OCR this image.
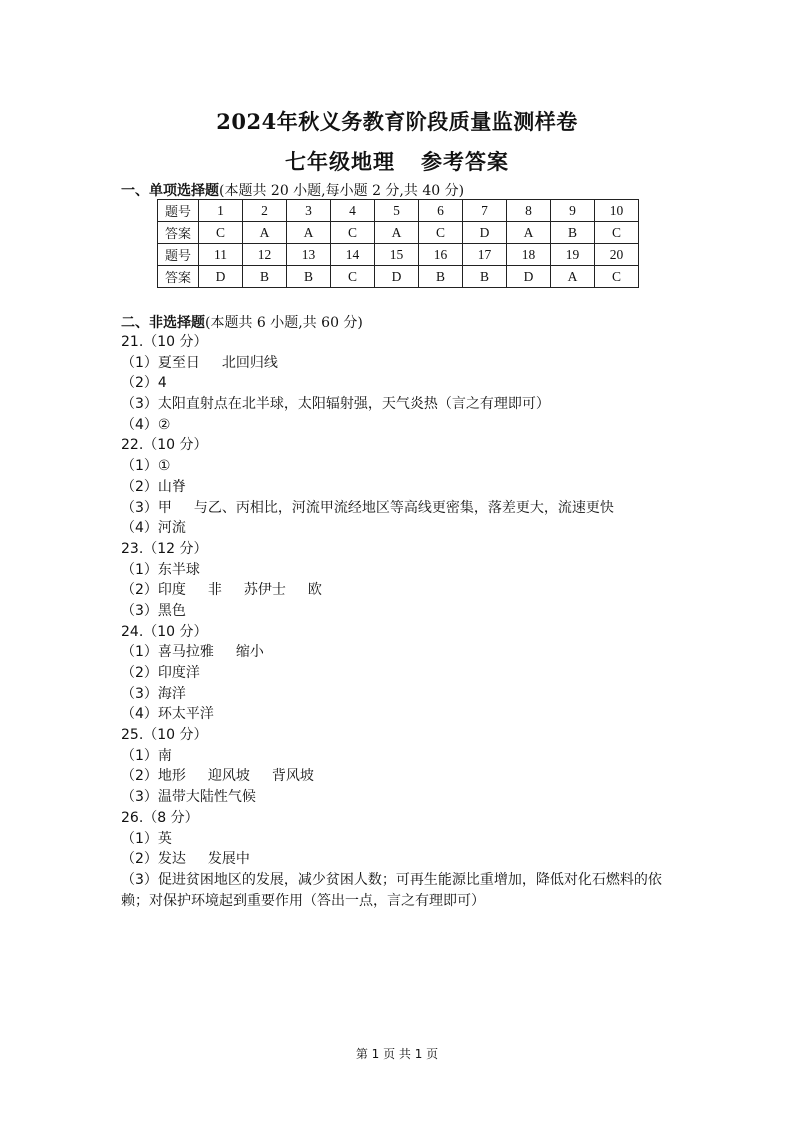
2024年秋义务教育阶段质量监测样卷
七年级地理 参考答案
一、单项选择题(本题共 20 小题,每小题 2 分,共 40 分)
题号	1	2	3	4	5	6	7	8	9	10
答案	C	A	A	C	A	C	D	A	B	C
题号	11	12	13	14	15	16	17	18	19	20
答案	D	B	B	C	D	B	B	D	A	C
二、非选择题(本题共 6 小题,共 60 分)
21.（10 分）
（1）夏至日 北回归线
（2）4
（3）太阳直射点在北半球，太阳辐射强，天气炎热（言之有理即可）
（4）②
22.（10 分）
（1）①
（2）山脊
（3）甲 与乙、丙相比，河流甲流经地区等高线更密集，落差更大，流速更快
（4）河流
23.（12 分）
（1）东半球
（2）印度 非 苏伊士 欧
（3）黑色
24.（10 分）
（1）喜马拉雅 缩小
（2）印度洋
（3）海洋
（4）环太平洋
25.（10 分）
（1）南
（2）地形 迎风坡 背风坡
（3）温带大陆性气候
26.（8 分）
（1）英
（2）发达 发展中
（3）促进贫困地区的发展，减少贫困人数；可再生能源比重增加，降低对化石燃料的依赖；对保护环境起到重要作用（答出一点，言之有理即可）
第 1 页 共 1 页
